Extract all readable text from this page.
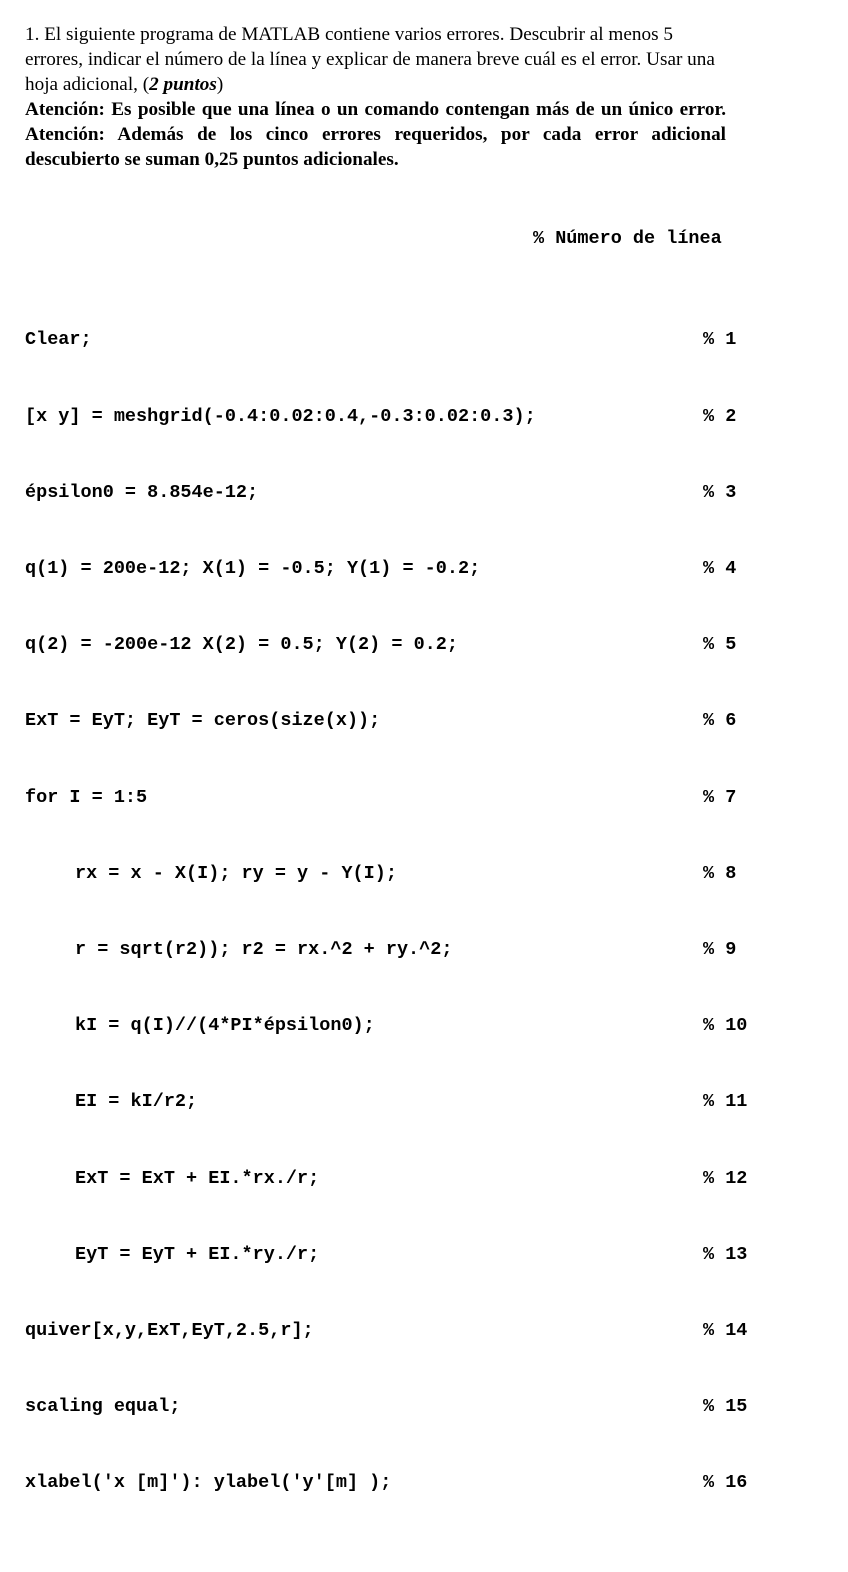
1. El siguiente programa de MATLAB contiene varios errores. Descubrir al menos 5 errores, indicar el número de la línea y explicar de manera breve cuál es el error. Usar una hoja adicional, (2 puntos)

Atención: Es posible que una línea o un comando contengan más de un único error. Atención: Además de los cinco errores requeridos, por cada error adicional descubierto se suman 0,25 puntos adicionales.

% Número de línea

Clear;

	% 1

[x y] = meshgrid(-0.4:0.02:0.4,-0.3:0.02:0.3);

	% 2

épsilon0 = 8.854e-12;

	% 3

q(1) = 200e-12; X(1) = -0.5; Y(1) = -0.2;

	% 4

q(2) = -200e-12 X(2) = 0.5; Y(2) = 0.2;

	% 5

ExT = EyT; EyT = ceros(size(x));

	% 6

for I = 1:5

	% 7

rx = x - X(I); ry = y - Y(I);

	% 8

r = sqrt(r2)); r2 = rx.^2 + ry.^2;

	% 9

kI = q(I)//(4*PI*épsilon0);

	% 10

EI = kI/r2;

	% 11

ExT = ExT + EI.*rx./r;

	% 12

EyT = EyT + EI.*ry./r;

	% 13

quiver[x,y,ExT,EyT,2.5,r];

	% 14

scaling equal;

	% 15

xlabel('x [m]'): ylabel('y'[m] );

	% 16
